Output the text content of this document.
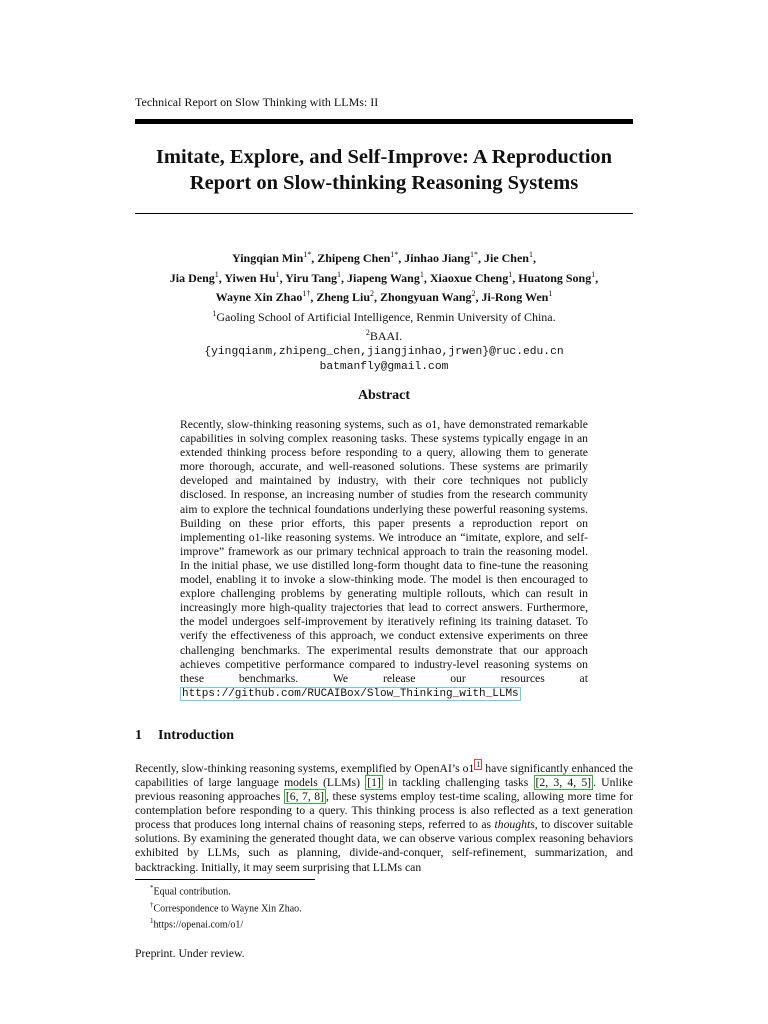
Technical Report on Slow Thinking with LLMs: II
Imitate, Explore, and Self-Improve: A Reproduction
Report on Slow-thinking Reasoning Systems
Yingqian Min$^{1*}$, Zhipeng Chen$^{1*}$, Jinhao Jiang$^{1*}$, Jie Chen$^1$,
Jia Deng$^1$, Yiwen Hu$^1$, Yiru Tang$^1$, Jiapeng Wang$^1$, Xiaoxue Cheng$^1$, Huatong Song$^1$,
Wayne Xin Zhao$^{1\dagger}$, Zheng Liu$^2$, Zhongyuan Wang$^2$, Ji-Rong Wen$^1$
$^1$Gaoling School of Artificial Intelligence, Renmin University of China.
$^2$BAAI.
{yingqianm,zhipeng_chen,jiangjinhao,jrwen}@ruc.edu.cn
batmanfly@gmail.com
Abstract
Recently, slow-thinking reasoning systems, such as o1, have demonstrated remarkable capabilities in solving complex reasoning tasks. These systems typically engage in an extended thinking process before responding to a query, allowing them to generate more thorough, accurate, and well-reasoned solutions. These systems are primarily developed and maintained by industry, with their core techniques not publicly disclosed. In response, an increasing number of studies from the research community aim to explore the technical foundations underlying these powerful reasoning systems. Building on these prior efforts, this paper presents a reproduction report on implementing o1-like reasoning systems. We introduce an “imitate, explore, and self-improve” framework as our primary technical approach to train the reasoning model. In the initial phase, we use distilled long-form thought data to fine-tune the reasoning model, enabling it to invoke a slow-thinking mode. The model is then encouraged to explore challenging problems by generating multiple rollouts, which can result in increasingly more high-quality trajectories that lead to correct answers. Furthermore, the model undergoes self-improvement by iteratively refining its training dataset. To verify the effectiveness of this approach, we conduct extensive experiments on three challenging benchmarks. The experimental results demonstrate that our approach achieves competitive performance compared to industry-level reasoning systems on these benchmarks. We release our resources at https://github.com/RUCAIBox/Slow_Thinking_with_LLMs
1 Introduction

Recently, slow-thinking reasoning systems, exemplified by OpenAI’s o1 $^1$ have significantly enhanced the capabilities of large language models (LLMs) [1] in tackling challenging tasks [2, 3, 4, 5] . Unlike previous reasoning approaches [6, 7, 8] , these systems employ test-time scaling, allowing more time for contemplation before responding to a query. This thinking process is also reflected as a text generation process that produces long internal chains of reasoning steps, referred to as thoughts, to discover suitable solutions. By examining the generated thought data, we can observe various complex reasoning behaviors exhibited by LLMs, such as planning, divide-and-conquer, self-refinement, summarization, and backtracking. Initially, it may seem surprising that LLMs can

*Equal contribution.
†Correspondence to Wayne Xin Zhao.
$^1$https://openai.com/o1/
Preprint. Under review.
